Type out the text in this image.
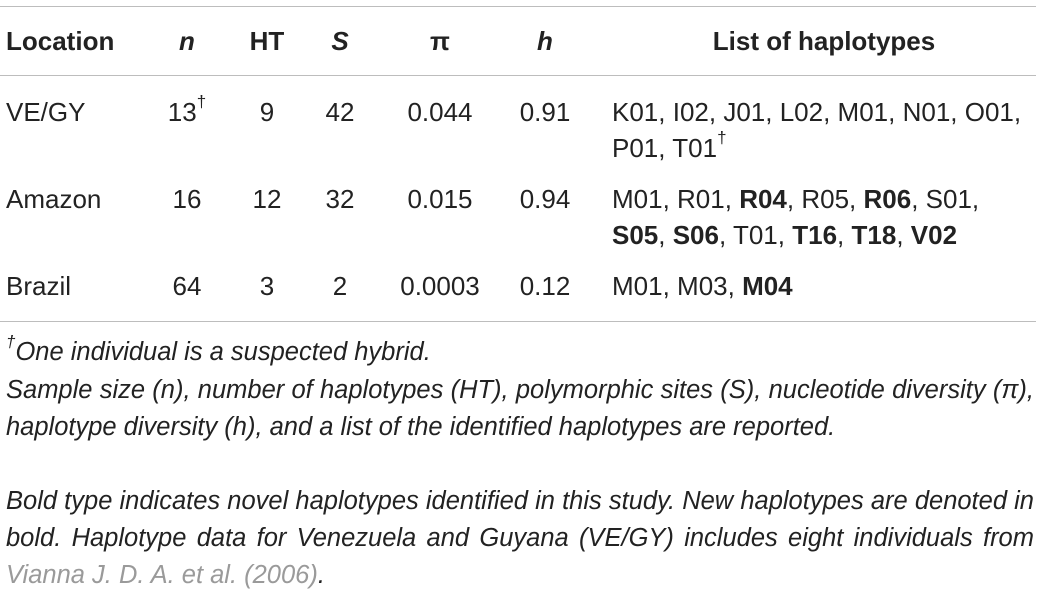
Location	n	HT	S	π	h	List of haplotypes
VE/GY	13†	9	42	0.044	0.91	K01, I02, J01, L02, M01, N01, O01, P01, T01†
Amazon	16	12	32	0.015	0.94	M01, R01, R04, R05, R06, S01, S05, S06, T01, T16, T18, V02
Brazil	64	3	2	0.0003	0.12	M01, M03, M04
†One individual is a suspected hybrid.
Sample size (n), number of haplotypes (HT), polymorphic sites (S), nucleotide diversity (π), haplotype diversity (h), and a list of the identified haplotypes are reported.
Bold type indicates novel haplotypes identified in this study. New haplotypes are denoted in bold. Haplotype data for Venezuela and Guyana (VE/GY) includes eight individuals from Vianna J. D. A. et al. (2006).
